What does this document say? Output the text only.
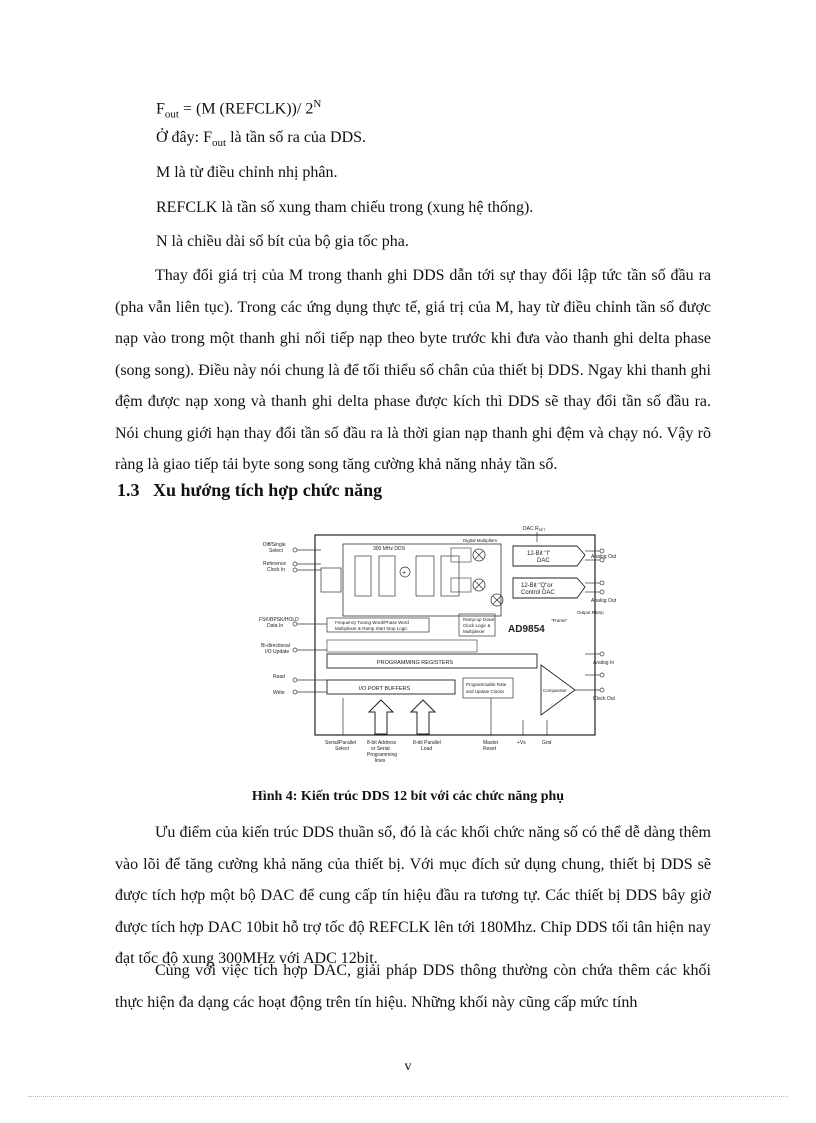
$F_{out} = (M$ (REFCLK))/ $2^N$
Ở đây: $F_{out}$ là tần số ra của DDS.
M là từ điều chỉnh nhị phân.
REFCLK là tần số xung tham chiếu trong (xung hệ thống).
N là chiều dài số bít của bộ gia tốc pha.
Thay đổi giá trị của M trong thanh ghi DDS dẫn tới sự thay đổi lập tức tần số đầu ra (pha vẫn liên tục). Trong các ứng dụng thực tế, giá trị của M, hay từ điều chỉnh tần số được nạp vào trong một thanh ghi nối tiếp nạp theo byte trước khi đưa vào thanh ghi delta phase (song song). Điều này nói chung là để tối thiểu số chân của thiết bị DDS. Ngay khi thanh ghi đệm được nạp xong và thanh ghi delta phase được kích thì DDS sẽ thay đổi tần số đầu ra. Nói chung giới hạn thay đổi tần số đầu ra là thời gian nạp thanh ghi đệm và chạy nó. Vậy rõ ràng là giao tiếp tải byte song song tăng cường khả năng nhảy tần số.
1.3 Xu hướng tích hợp chức năng
300 MHz DDS
DAC $R_{SET}$
Digital Multipliers
+
12-Bit "I"
DAC
12-Bit "Q"or
Control DAC
Analog Out
Analog Out
Output Ramp
"Frame"
AD9854
Frequency Tuning Word/Phase Word
Multiplexer & Ramp Start Stop Logic
Ramp-up Down
Clock Logic &
Multiplexer
PROGRAMMING REGISTERS
I/O PORT BUFFERS
Programmable Rate
and Update Clocks	Comparator
Clock Out
Analog In
Diff/Single
Select
Reference
Clock In
FSK/BPSK/HOLD
Data In
Bi-directional
I/O Update
Read
Write
Serial/Parallel
Select
8-bit Address
or Serial
Programming
lines
8-bit Parallel
Load
Master
Reset
+Vs	Gnd
Hình 4: Kiến trúc DDS 12 bít với các chức năng phụ
Ưu điểm của kiến trúc DDS thuần số, đó là các khối chức năng số có thể dễ dàng thêm vào lõi để tăng cường khả năng của thiết bị. Với mục đích sử dụng chung, thiết bị DDS sẽ được tích hợp một bộ DAC để cung cấp tín hiệu đầu ra tương tự. Các thiết bị DDS bây giờ được tích hợp DAC 10bit hỗ trợ tốc độ REFCLK lên tới 180Mhz. Chip DDS tối tân hiện nay đạt tốc độ xung 300MHz với ADC 12bit.
Cùng với việc tích hợp DAC, giải pháp DDS thông thường còn chứa thêm các khối thực hiện đa dạng các hoạt động trên tín hiệu. Những khối này cũng cấp mức tính
v
